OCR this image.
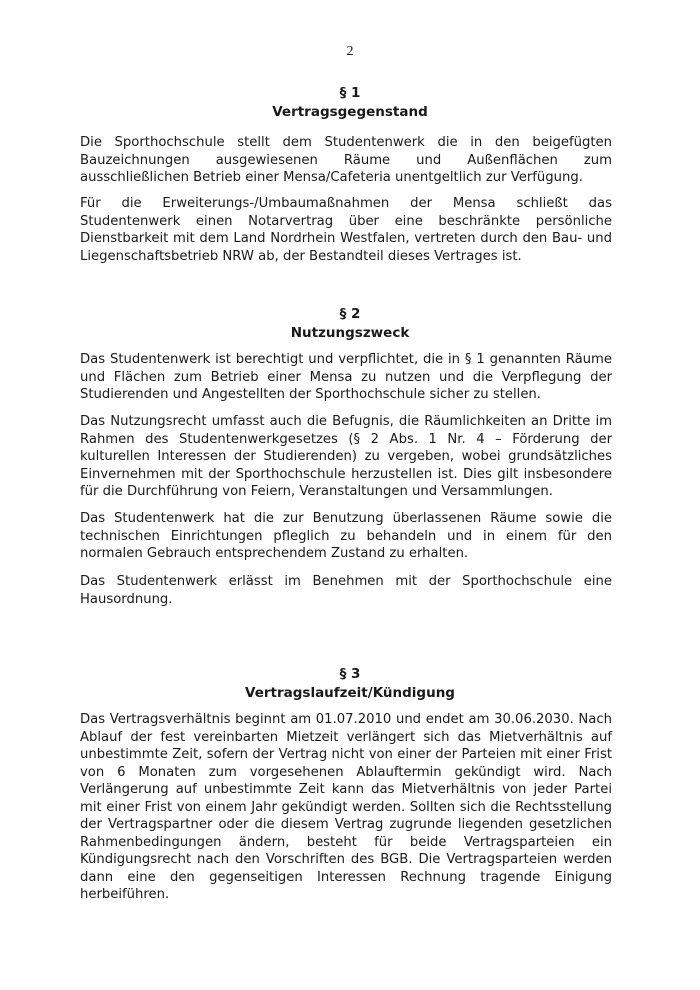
2
§ 1
Vertragsgegenstand

Die Sporthochschule stellt dem Studentenwerk die in den beigefügten Bauzeichnungen ausgewiesenen Räume und Außenflächen zum ausschließlichen Betrieb einer Mensa/Cafeteria unentgeltlich zur Verfügung.

Für die Erweiterungs-/Umbaumaßnahmen der Mensa schließt das Studentenwerk einen Notarvertrag über eine beschränkte persönliche Dienstbarkeit mit dem Land Nordrhein Westfalen, vertreten durch den Bau- und Liegenschaftsbetrieb NRW ab, der Bestandteil dieses Vertrages ist.

§ 2
Nutzungszweck

Das Studentenwerk ist berechtigt und verpflichtet, die in § 1 genannten Räume und Flächen zum Betrieb einer Mensa zu nutzen und die Verpflegung der Studierenden und Angestellten der Sporthochschule sicher zu stellen.

Das Nutzungsrecht umfasst auch die Befugnis, die Räumlichkeiten an Dritte im Rahmen des Studentenwerkgesetzes (§ 2 Abs. 1 Nr. 4 – Förderung der kulturellen Interessen der Studierenden) zu vergeben, wobei grundsätzliches Einvernehmen mit der Sporthochschule herzustellen ist. Dies gilt insbesondere für die Durchführung von Feiern, Veranstaltungen und Versammlungen.

Das Studentenwerk hat die zur Benutzung überlassenen Räume sowie die technischen Einrichtungen pfleglich zu behandeln und in einem für den normalen Gebrauch entsprechendem Zustand zu erhalten.

Das Studentenwerk erlässt im Benehmen mit der Sporthochschule eine Hausordnung.

§ 3
Vertragslaufzeit/Kündigung

Das Vertragsverhältnis beginnt am 01.07.2010 und endet am 30.06.2030. Nach Ablauf der fest vereinbarten Mietzeit verlängert sich das Mietverhältnis auf unbestimmte Zeit, sofern der Vertrag nicht von einer der Parteien mit einer Frist von 6 Monaten zum vorgesehenen Ablauftermin gekündigt wird. Nach Verlängerung auf unbestimmte Zeit kann das Mietverhältnis von jeder Partei mit einer Frist von einem Jahr gekündigt werden. Sollten sich die Rechtsstellung der Vertragspartner oder die diesem Vertrag zugrunde liegenden gesetzlichen Rahmenbedingungen ändern, besteht für beide Vertragsparteien ein Kündigungsrecht nach den Vorschriften des BGB. Die Vertragsparteien werden dann eine den gegenseitigen Interessen Rechnung tragende Einigung herbeiführen.
